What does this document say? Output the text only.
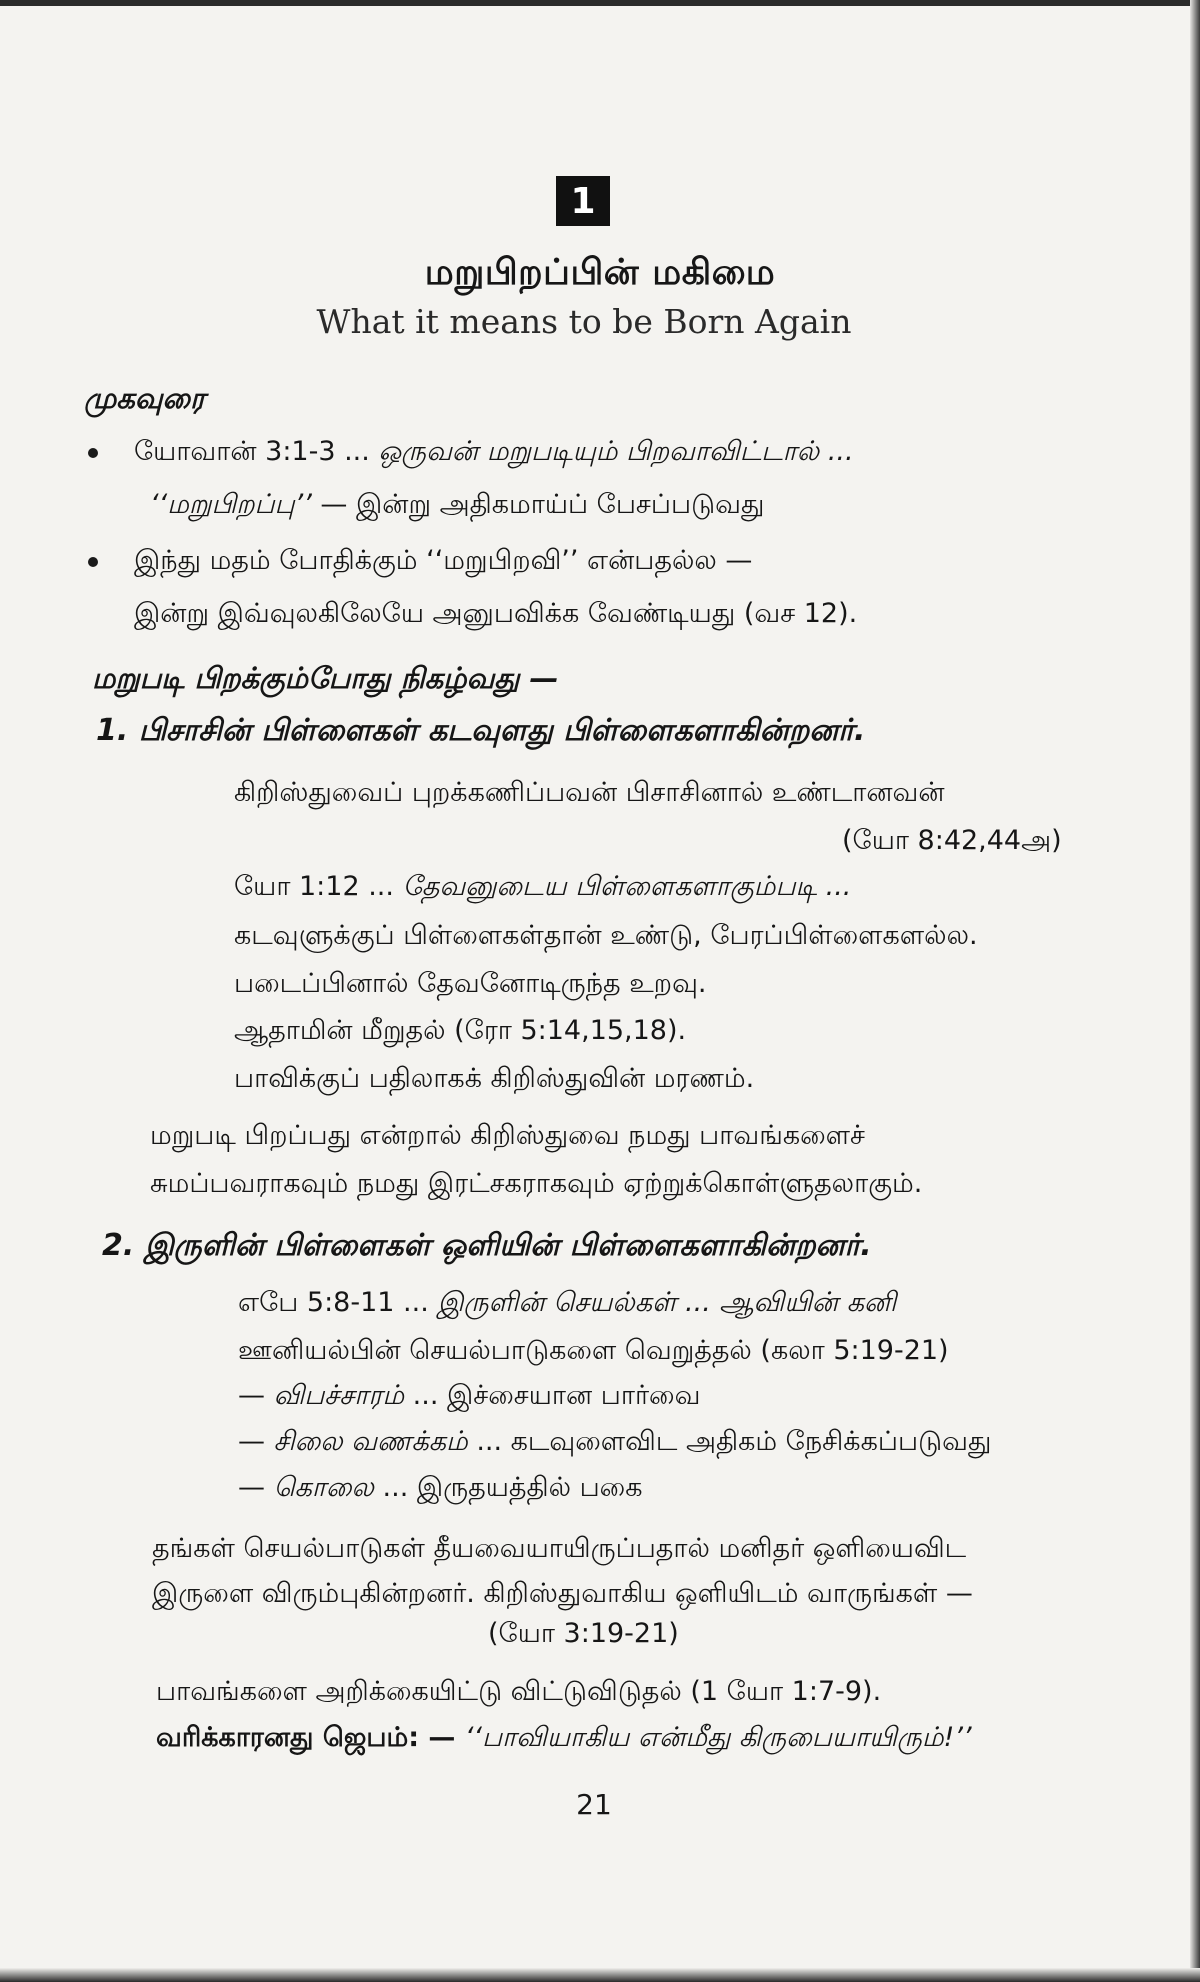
1
மறுபிறப்பின் மகிமை
What it means to be Born Again
முகவுரை
யோவான் 3:1-3 ... ஒருவன் மறுபடியும் பிறவாவிட்டால் ...
‘‘மறுபிறப்பு’’ — இன்று அதிகமாய்ப் பேசப்படுவது
இந்து மதம் போதிக்கும் ‘‘மறுபிறவி’’ என்பதல்ல —
இன்று இவ்வுலகிலேயே அனுபவிக்க வேண்டியது (வச 12).
மறுபடி பிறக்கும்போது நிகழ்வது —
1. பிசாசின் பிள்ளைகள் கடவுளது பிள்ளைகளாகின்றனர்.
கிறிஸ்துவைப் புறக்கணிப்பவன் பிசாசினால் உண்டானவன்
(யோ 8:42,44அ)
யோ 1:12 ... தேவனுடைய பிள்ளைகளாகும்படி ...
கடவுளுக்குப் பிள்ளைகள்தான் உண்டு, பேரப்பிள்ளைகளல்ல.
படைப்பினால் தேவனோடிருந்த உறவு.
ஆதாமின் மீறுதல் (ரோ 5:14,15,18).
பாவிக்குப் பதிலாகக் கிறிஸ்துவின் மரணம்.
மறுபடி பிறப்பது என்றால் கிறிஸ்துவை நமது பாவங்களைச்
சுமப்பவராகவும் நமது இரட்சகராகவும் ஏற்றுக்கொள்ளுதலாகும்.
2. இருளின் பிள்ளைகள் ஒளியின் பிள்ளைகளாகின்றனர்.
எபே 5:8-11 ... இருளின் செயல்கள் ... ஆவியின் கனி
ஊனியல்பின் செயல்பாடுகளை வெறுத்தல் (கலா 5:19-21)
— விபச்சாரம் ... இச்சையான பார்வை
— சிலை வணக்கம் ... கடவுளைவிட அதிகம் நேசிக்கப்படுவது
— கொலை ... இருதயத்தில் பகை
தங்கள் செயல்பாடுகள் தீயவையாயிருப்பதால் மனிதர் ஒளியைவிட
இருளை விரும்புகின்றனர். கிறிஸ்துவாகிய ஒளியிடம் வாருங்கள் —
(யோ 3:19-21)
பாவங்களை அறிக்கையிட்டு விட்டுவிடுதல் (1 யோ 1:7-9).
வரிக்காரனது ஜெபம்: — ‘‘பாவியாகிய என்மீது கிருபையாயிரும்!’’
21
